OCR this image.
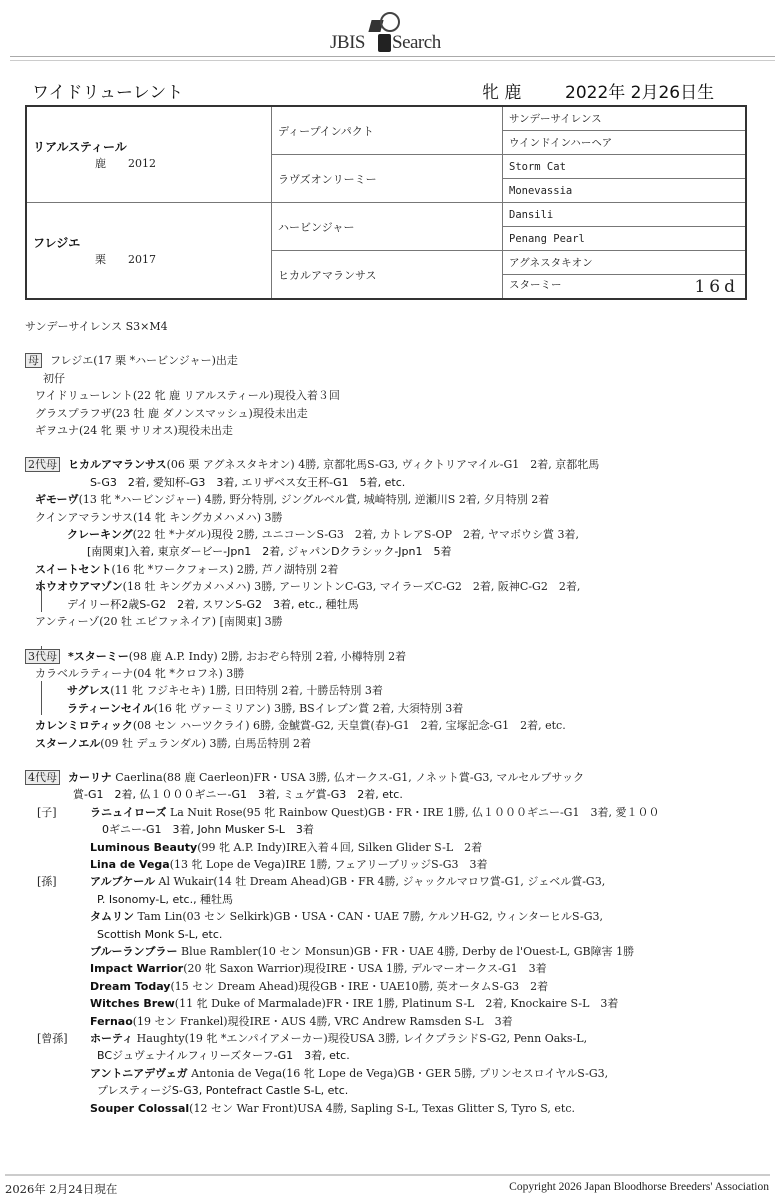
JBIS Search
ワイドリューレント	牝 鹿	2022年 2月26日生
リアルスティール
鹿 2012	ディープインパクト	サンデーサイレンス
		ウインドインハーヘア
	ラヴズオンリーミー	Storm Cat
		Monevassia

フレジエ
栗 2017	ハービンジャー	Dansili
		Penang Pearl
	ヒカルアマランサス	アグネスタキオン
		スターミー 16d
サンデーサイレンス S3×M4
母 フレジエ(17 栗 *ハービンジャー)出走
初仔
ワイドリューレント(22 牝 鹿 リアルスティール)現役入着３回
グラスプラフザ(23 牡 鹿 ダノンスマッシュ)現役未出走
ギヲユナ(24 牝 栗 サリオス)現役未出走
2代母 ヒカルアマランサス(06 栗 アグネスタキオン) 4勝, 京都牝馬S-G3, ヴィクトリアマイル-G1　2着, 京都牝馬
S-G3　2着, 愛知杯-G3　3着, エリザベス女王杯-G1　5着, etc.
ギモーヴ(13 牝 *ハービンジャー) 4勝, 野分特別, ジングルベル賞, 城崎特別, 逆瀬川S 2着, 夕月特別 2着
クインアマランサス(14 牝 キングカメハメハ) 3勝
クレーキング(22 牡 *ナダル)現役 2勝, ユニコーンS-G3　2着, カトレアS-OP　2着, ヤマボウシ賞 3着,
[南関東]入着, 東京ダービー-Jpn1　2着, ジャパンDクラシック-Jpn1　5着
スイートセント(16 牝 *ワークフォース) 2勝, 芦ノ湖特別 2着
ホウオウアマゾン(18 牡 キングカメハメハ) 3勝, アーリントンC-G3, マイラーズC-G2　2着, 阪神C-G2　2着,
デイリー杯2歳S-G2　2着, スワンS-G2　3着, etc., 種牡馬
アンティーゾ(20 牡 エピファネイア) [南関東] 3勝
3代母 *スターミー(98 鹿 A.P. Indy) 2勝, おおぞら特別 2着, 小樽特別 2着
カラベルラティーナ(04 牝 *クロフネ) 3勝
サグレス(11 牝 フジキセキ) 1勝, 日田特別 2着, 十勝岳特別 3着
ラティーンセイル(16 牝 ヴァーミリアン) 3勝, BSイレブン賞 2着, 大須特別 3着
カレンミロティック(08 セン ハーツクライ) 6勝, 金鯱賞-G2, 天皇賞(春)-G1　2着, 宝塚記念-G1　2着, etc.
スターノエル(09 牡 デュランダル) 3勝, 白馬岳特別 2着
4代母 カーリナ Caerlina(88 鹿 Caerleon)FR・USA 3勝, 仏オークス-G1, ノネット賞-G3, マルセルブサック
賞-G1　2着, 仏１０００ギニー-G1　3着, ミュゲ賞-G3　2着, etc.
[子]	ラニュイローズ La Nuit Rose(95 牝 Rainbow Quest)GB・FR・IRE 1勝, 仏１０００ギニー-G1　3着, 愛１００
0ギニー-G1　3着, John Musker S-L　3着
Luminous Beauty(99 牝 A.P. Indy)IRE入着４回, Silken Glider S-L　2着
Lina de Vega(13 牝 Lope de Vega)IRE 1勝, フェアリーブリッジS-G3　3着
[孫]	アルブケール Al Wukair(14 牡 Dream Ahead)GB・FR 4勝, ジャックルマロワ賞-G1, ジェベル賞-G3,
P. Isonomy-L, etc., 種牡馬
タムリン Tam Lin(03 セン Selkirk)GB・USA・CAN・UAE 7勝, ケルソH-G2, ウィンターヒルS-G3,
Scottish Monk S-L, etc.
ブルーランブラー Blue Rambler(10 セン Monsun)GB・FR・UAE 4勝, Derby de l'Ouest-L, GB障害 1勝
Impact Warrior(20 牝 Saxon Warrior)現役IRE・USA 1勝, デルマーオークス-G1　3着
Dream Today(15 セン Dream Ahead)現役GB・IRE・UAE10勝, 英オータムS-G3　2着
Witches Brew(11 牝 Duke of Marmalade)FR・IRE 1勝, Platinum S-L　2着, Knockaire S-L　3着
Fernao(19 セン Frankel)現役IRE・AUS 4勝, VRC Andrew Ramsden S-L　3着
[曾孫] ホーティ Haughty(19 牝 *エンパイアメーカー)現役USA 3勝, レイクプラシドS-G2, Penn Oaks-L,
BCジュヴェナイルフィリーズターフ-G1　3着, etc.
アントニアデヴェガ Antonia de Vega(16 牝 Lope de Vega)GB・GER 5勝, プリンセスロイヤルS-G3,
プレスティージS-G3, Pontefract Castle S-L, etc.
Souper Colossal(12 セン War Front)USA 4勝, Sapling S-L, Texas Glitter S, Tyro S, etc.
2026年 2月24日現在	Copyright 2026 Japan Bloodhorse Breeders' Association
